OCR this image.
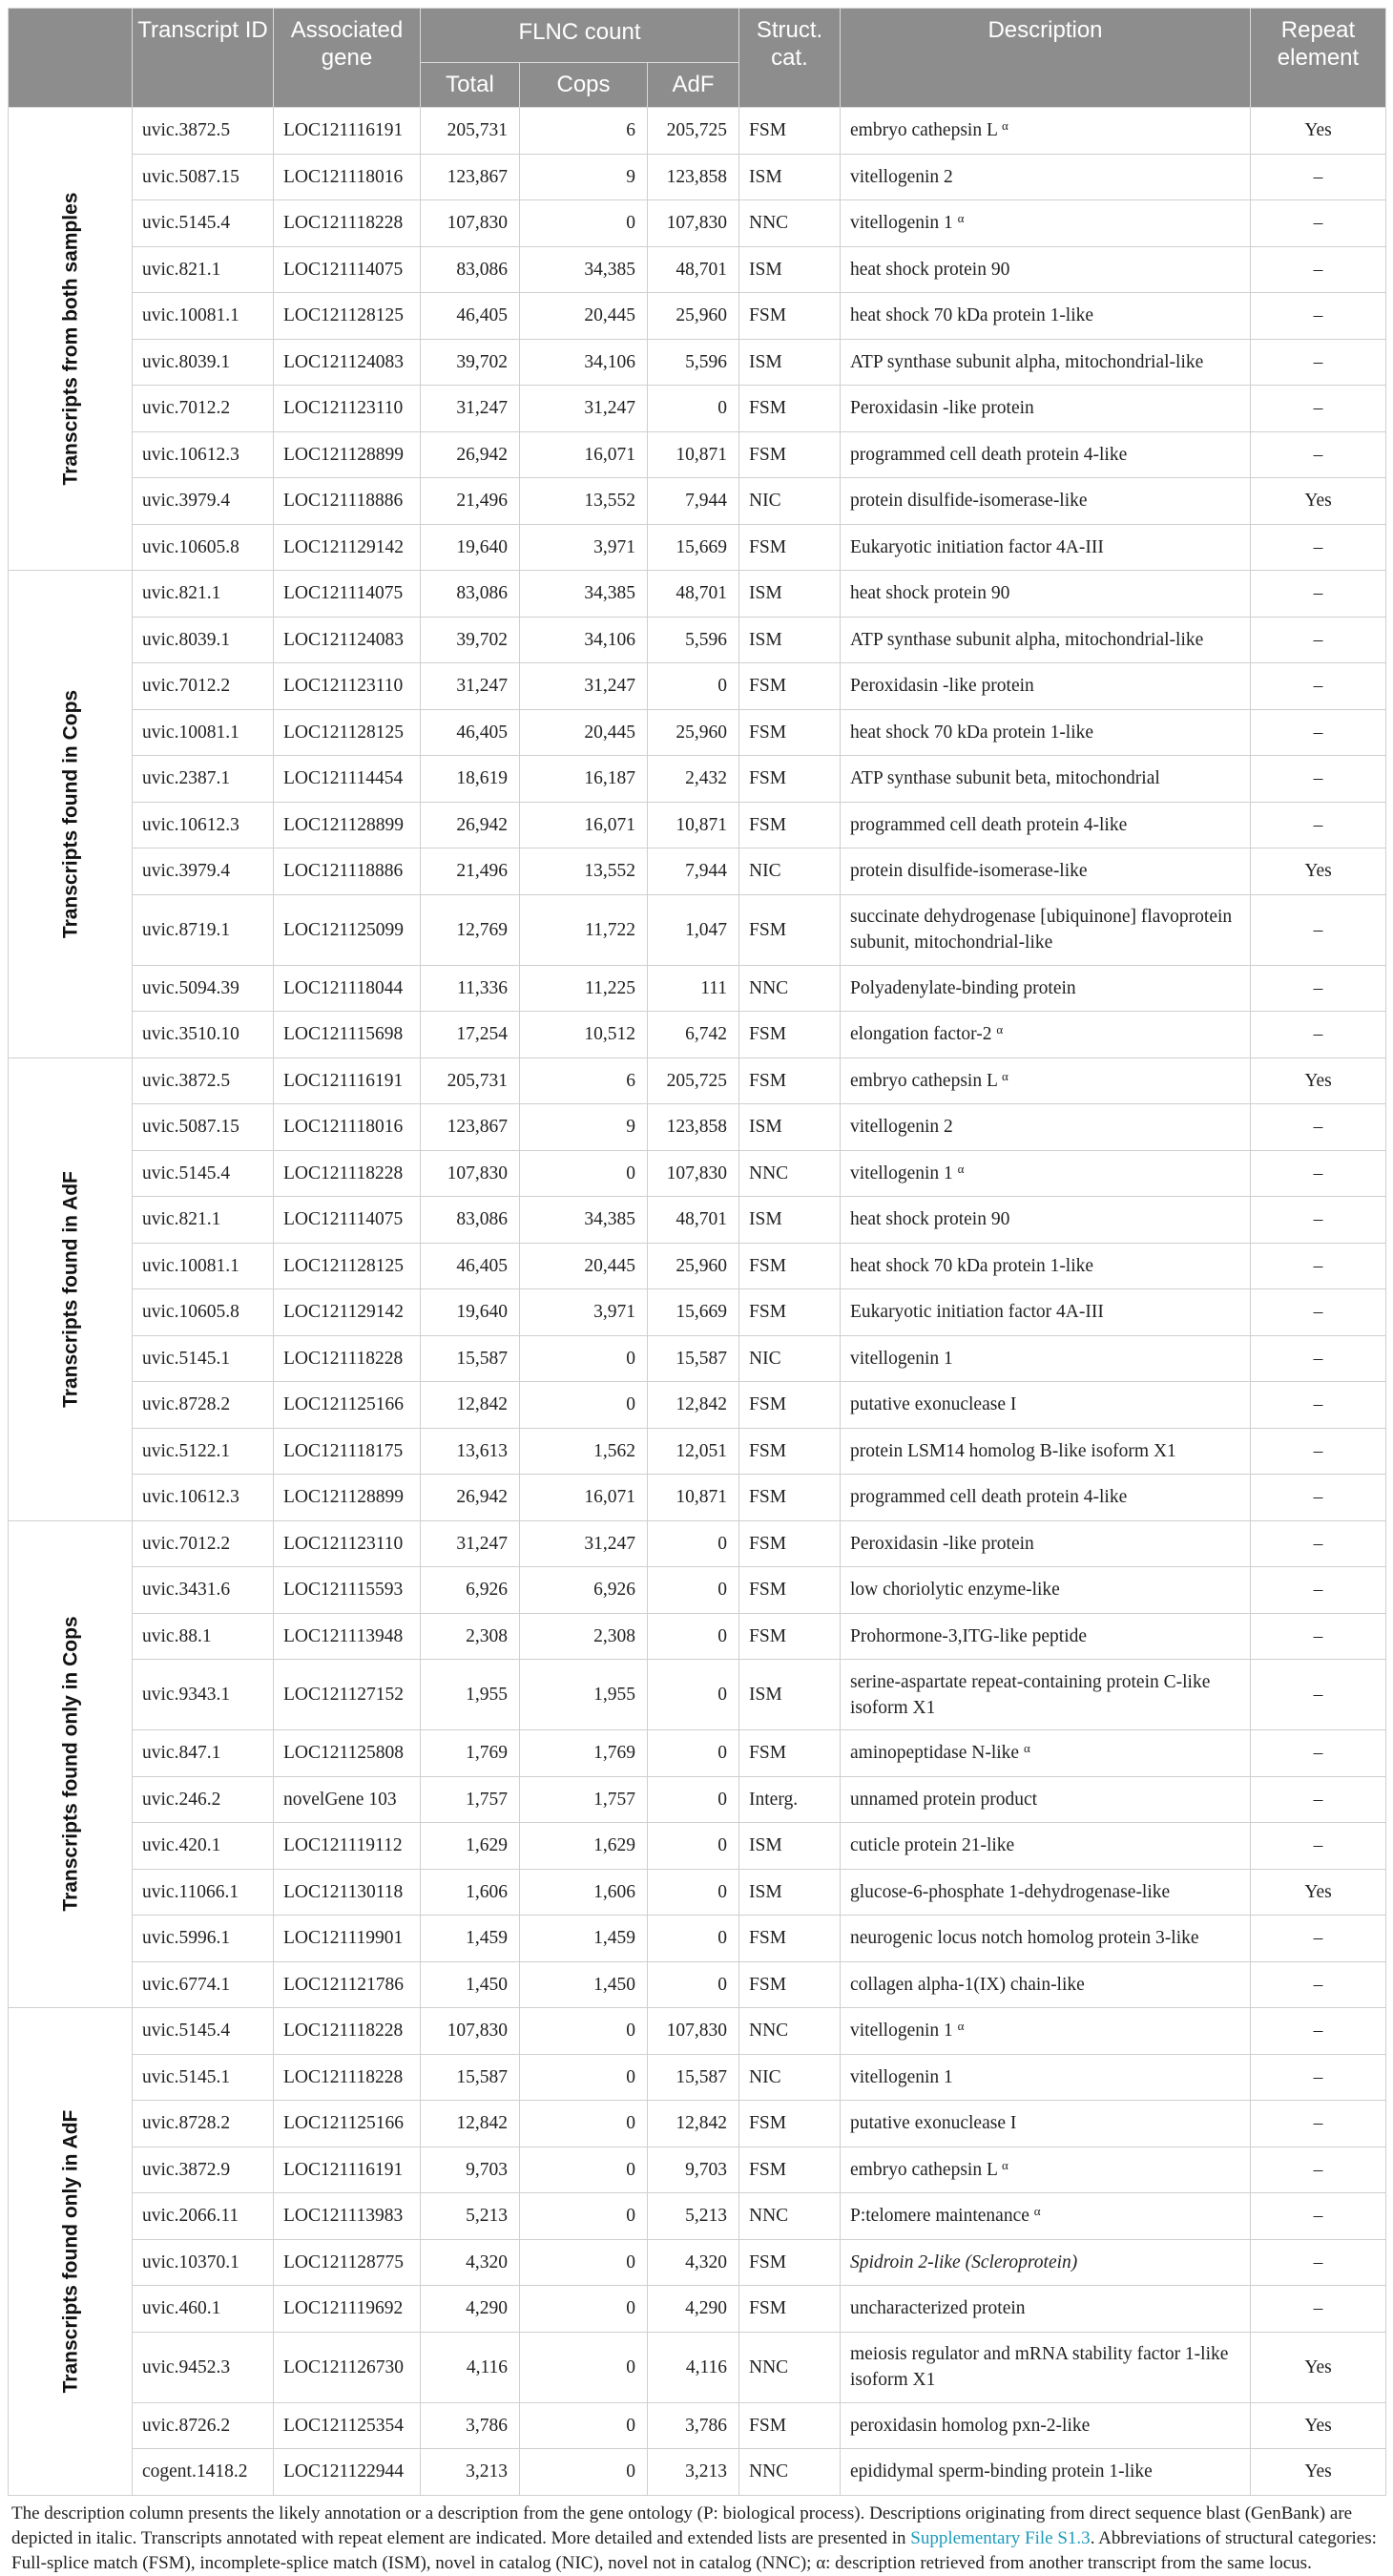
	Transcript ID	Associated gene	FLNC count			Struct. cat.	Description	Repeat element
			Total	Cops	AdF			

Transcripts from both samples	uvic.3872.5	LOC121116191	205,731	6	205,725	FSM	embryo cathepsin L $^\alpha$	Yes
	uvic.5087.15	LOC121118016	123,867	9	123,858	ISM	vitellogenin 2	–
	uvic.5145.4	LOC121118228	107,830	0	107,830	NNC	vitellogenin 1 $^\alpha$	–
	uvic.821.1	LOC121114075	83,086	34,385	48,701	ISM	heat shock protein 90	–
	uvic.10081.1	LOC121128125	46,405	20,445	25,960	FSM	heat shock 70 kDa protein 1-like	–
	uvic.8039.1	LOC121124083	39,702	34,106	5,596	ISM	ATP synthase subunit alpha, mitochondrial-like	–
	uvic.7012.2	LOC121123110	31,247	31,247	0	FSM	Peroxidasin -like protein	–
	uvic.10612.3	LOC121128899	26,942	16,071	10,871	FSM	programmed cell death protein 4-like	–
	uvic.3979.4	LOC121118886	21,496	13,552	7,944	NIC	protein disulfide-isomerase-like	Yes
	uvic.10605.8	LOC121129142	19,640	3,971	15,669	FSM	Eukaryotic initiation factor 4A-III	–

Transcripts found in Cops	uvic.821.1	LOC121114075	83,086	34,385	48,701	ISM	heat shock protein 90	–
	uvic.8039.1	LOC121124083	39,702	34,106	5,596	ISM	ATP synthase subunit alpha, mitochondrial-like	–
	uvic.7012.2	LOC121123110	31,247	31,247	0	FSM	Peroxidasin -like protein	–
	uvic.10081.1	LOC121128125	46,405	20,445	25,960	FSM	heat shock 70 kDa protein 1-like	–
	uvic.2387.1	LOC121114454	18,619	16,187	2,432	FSM	ATP synthase subunit beta, mitochondrial	–
	uvic.10612.3	LOC121128899	26,942	16,071	10,871	FSM	programmed cell death protein 4-like	–
	uvic.3979.4	LOC121118886	21,496	13,552	7,944	NIC	protein disulfide-isomerase-like	Yes
	uvic.8719.1	LOC121125099	12,769	11,722	1,047	FSM	succinate dehydrogenase [ubiquinone] flavoprotein subunit, mitochondrial-like	–
	uvic.5094.39	LOC121118044	11,336	11,225	111	NNC	Polyadenylate-binding protein	–
	uvic.3510.10	LOC121115698	17,254	10,512	6,742	FSM	elongation factor-2 $^\alpha$	–

Transcripts found in AdF	uvic.3872.5	LOC121116191	205,731	6	205,725	FSM	embryo cathepsin L $^\alpha$	Yes
	uvic.5087.15	LOC121118016	123,867	9	123,858	ISM	vitellogenin 2	–
	uvic.5145.4	LOC121118228	107,830	0	107,830	NNC	vitellogenin 1 $^\alpha$	–
	uvic.821.1	LOC121114075	83,086	34,385	48,701	ISM	heat shock protein 90	–
	uvic.10081.1	LOC121128125	46,405	20,445	25,960	FSM	heat shock 70 kDa protein 1-like	–
	uvic.10605.8	LOC121129142	19,640	3,971	15,669	FSM	Eukaryotic initiation factor 4A-III	–
	uvic.5145.1	LOC121118228	15,587	0	15,587	NIC	vitellogenin 1	–
	uvic.8728.2	LOC121125166	12,842	0	12,842	FSM	putative exonuclease I	–
	uvic.5122.1	LOC121118175	13,613	1,562	12,051	FSM	protein LSM14 homolog B-like isoform X1	–
	uvic.10612.3	LOC121128899	26,942	16,071	10,871	FSM	programmed cell death protein 4-like	–

Transcripts found only in Cops	uvic.7012.2	LOC121123110	31,247	31,247	0	FSM	Peroxidasin -like protein	–
	uvic.3431.6	LOC121115593	6,926	6,926	0	FSM	low choriolytic enzyme-like	–
	uvic.88.1	LOC121113948	2,308	2,308	0	FSM	Prohormone-3,ITG-like peptide	–
	uvic.9343.1	LOC121127152	1,955	1,955	0	ISM	serine-aspartate repeat-containing protein C-like isoform X1	–
	uvic.847.1	LOC121125808	1,769	1,769	0	FSM	aminopeptidase N-like $^\alpha$	–
	uvic.246.2	novelGene 103	1,757	1,757	0	Interg.	unnamed protein product	–
	uvic.420.1	LOC121119112	1,629	1,629	0	ISM	cuticle protein 21-like	–
	uvic.11066.1	LOC121130118	1,606	1,606	0	ISM	glucose-6-phosphate 1-dehydrogenase-like	Yes
	uvic.5996.1	LOC121119901	1,459	1,459	0	FSM	neurogenic locus notch homolog protein 3-like	–
	uvic.6774.1	LOC121121786	1,450	1,450	0	FSM	collagen alpha-1(IX) chain-like	–

Transcripts found only in AdF	uvic.5145.4	LOC121118228	107,830	0	107,830	NNC	vitellogenin 1 $^\alpha$	–
	uvic.5145.1	LOC121118228	15,587	0	15,587	NIC	vitellogenin 1	–
	uvic.8728.2	LOC121125166	12,842	0	12,842	FSM	putative exonuclease I	–
	uvic.3872.9	LOC121116191	9,703	0	9,703	FSM	embryo cathepsin L $^\alpha$	–
	uvic.2066.11	LOC121113983	5,213	0	5,213	NNC	P:telomere maintenance $^\alpha$	–
	uvic.10370.1	LOC121128775	4,320	0	4,320	FSM	Spidroin 2-like (Scleroprotein)	–
	uvic.460.1	LOC121119692	4,290	0	4,290	FSM	uncharacterized protein	–
	uvic.9452.3	LOC121126730	4,116	0	4,116	NNC	meiosis regulator and mRNA stability factor 1-like isoform X1	Yes
	uvic.8726.2	LOC121125354	3,786	0	3,786	FSM	peroxidasin homolog pxn-2-like	Yes
	cogent.1418.2	LOC121122944	3,213	0	3,213	NNC	epididymal sperm-binding protein 1-like	Yes
The description column presents the likely annotation or a description from the gene ontology (P: biological process). Descriptions originating from direct sequence blast (GenBank) are depicted in italic. Transcripts annotated with repeat element are indicated. More detailed and extended lists are presented in Supplementary File S1.3. Abbreviations of structural categories: Full-splice match (FSM), incomplete-splice match (ISM), novel in catalog (NIC), novel not in catalog (NNC); α: description retrieved from another transcript from the same locus.
